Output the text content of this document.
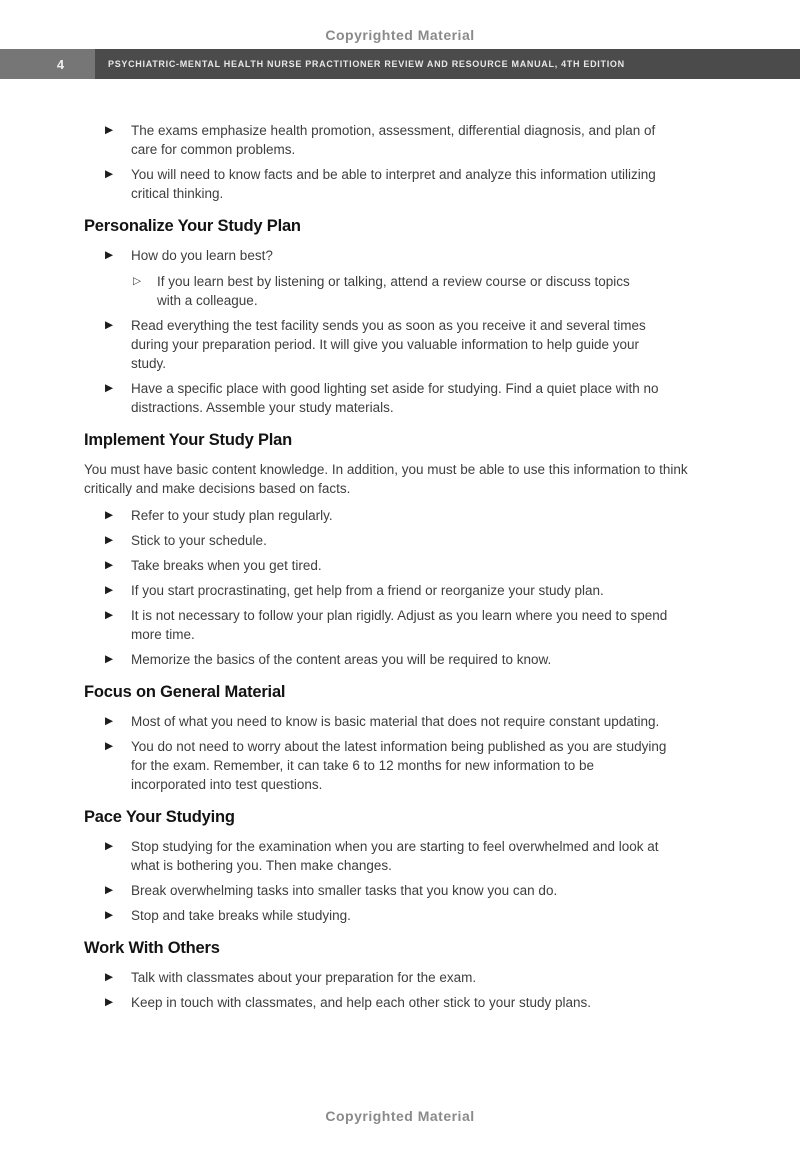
Copyrighted Material
4	PSYCHIATRIC-MENTAL HEALTH NURSE PRACTITIONER REVIEW AND RESOURCE MANUAL, 4TH EDITION
▶	The exams emphasize health promotion, assessment, differential diagnosis, and plan of care for common problems.
▶	You will need to know facts and be able to interpret and analyze this information utilizing critical thinking.
Personalize Your Study Plan
▶	How do you learn best?
▷	If you learn best by listening or talking, attend a review course or discuss topics with a colleague.
▶	Read everything the test facility sends you as soon as you receive it and several times during your preparation period. It will give you valuable information to help guide your study.
▶	Have a specific place with good lighting set aside for studying. Find a quiet place with no distractions. Assemble your study materials.
Implement Your Study Plan

You must have basic content knowledge. In addition, you must be able to use this information to think critically and make decisions based on facts.

▶	Refer to your study plan regularly.
▶	Stick to your schedule.
▶	Take breaks when you get tired.
▶	If you start procrastinating, get help from a friend or reorganize your study plan.
▶	It is not necessary to follow your plan rigidly. Adjust as you learn where you need to spend more time.
▶	Memorize the basics of the content areas you will be required to know.
Focus on General Material
▶	Most of what you need to know is basic material that does not require constant updating.
▶	You do not need to worry about the latest information being published as you are studying for the exam. Remember, it can take 6 to 12 months for new information to be incorporated into test questions.
Pace Your Studying
▶	Stop studying for the examination when you are starting to feel overwhelmed and look at what is bothering you. Then make changes.
▶	Break overwhelming tasks into smaller tasks that you know you can do.
▶	Stop and take breaks while studying.
Work With Others
▶	Talk with classmates about your preparation for the exam.
▶	Keep in touch with classmates, and help each other stick to your study plans.
Copyrighted Material
